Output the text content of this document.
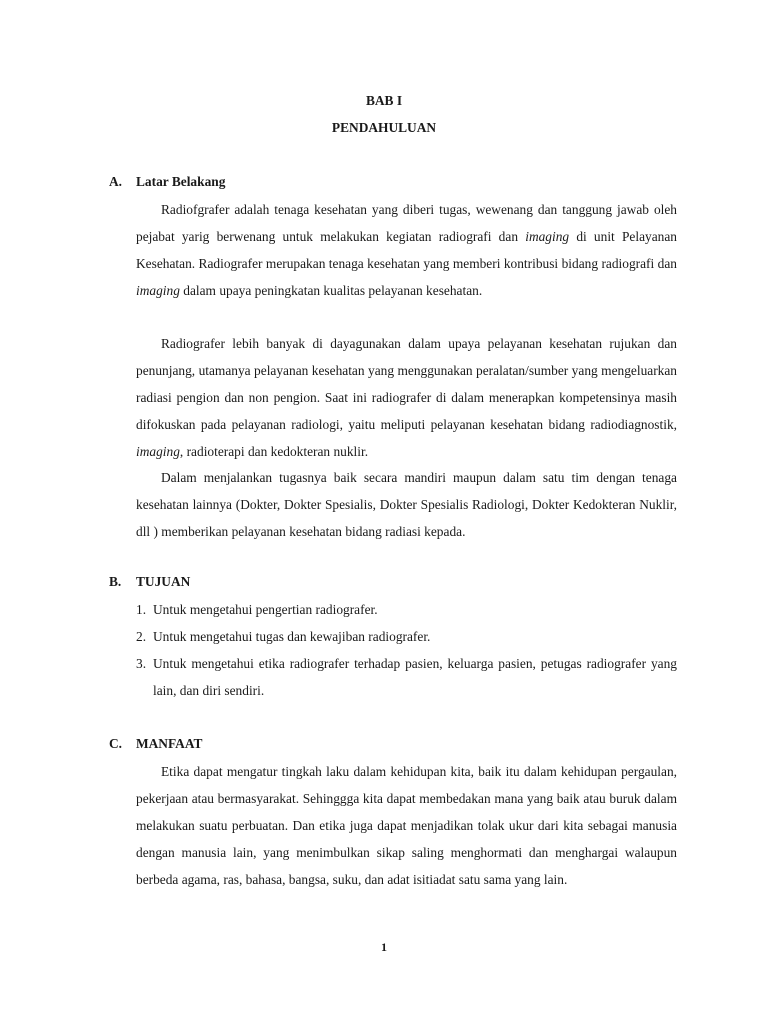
BAB I
PENDAHULUAN
A. Latar Belakang

Radiofgrafer adalah tenaga kesehatan yang diberi tugas, wewenang dan tanggung jawab oleh pejabat yarig berwenang untuk melakukan kegiatan radiografi dan imaging di unit Pelayanan Kesehatan. Radiografer merupakan tenaga kesehatan yang memberi kontribusi bidang radiografi dan imaging dalam upaya peningkatan kualitas pelayanan kesehatan.

Radiografer lebih banyak di dayagunakan dalam upaya pelayanan kesehatan rujukan dan penunjang, utamanya pelayanan kesehatan yang menggunakan peralatan/sumber yang mengeluarkan radiasi pengion dan non pengion. Saat ini radiografer di dalam menerapkan kompetensinya masih difokuskan pada pelayanan radiologi, yaitu meliputi pelayanan kesehatan bidang radiodiagnostik, imaging, radioterapi dan kedokteran nuklir.

Dalam menjalankan tugasnya baik secara mandiri maupun dalam satu tim dengan tenaga kesehatan lainnya (Dokter, Dokter Spesialis, Dokter Spesialis Radiologi, Dokter Kedokteran Nuklir, dll ) memberikan pelayanan kesehatan bidang radiasi kepada.

B. TUJUAN
1. Untuk mengetahui pengertian radiografer.
2. Untuk mengetahui tugas dan kewajiban radiografer.
3. Untuk mengetahui etika radiografer terhadap pasien, keluarga pasien, petugas radiografer yang lain, dan diri sendiri.
C. MANFAAT

Etika dapat mengatur tingkah laku dalam kehidupan kita, baik itu dalam kehidupan pergaulan, pekerjaan atau bermasyarakat. Sehinggga kita dapat membedakan mana yang baik atau buruk dalam melakukan suatu perbuatan. Dan etika juga dapat menjadikan tolak ukur dari kita sebagai manusia dengan manusia lain, yang menimbulkan sikap saling menghormati dan menghargai walaupun berbeda agama, ras, bahasa, bangsa, suku, dan adat isitiadat satu sama yang lain.

1
